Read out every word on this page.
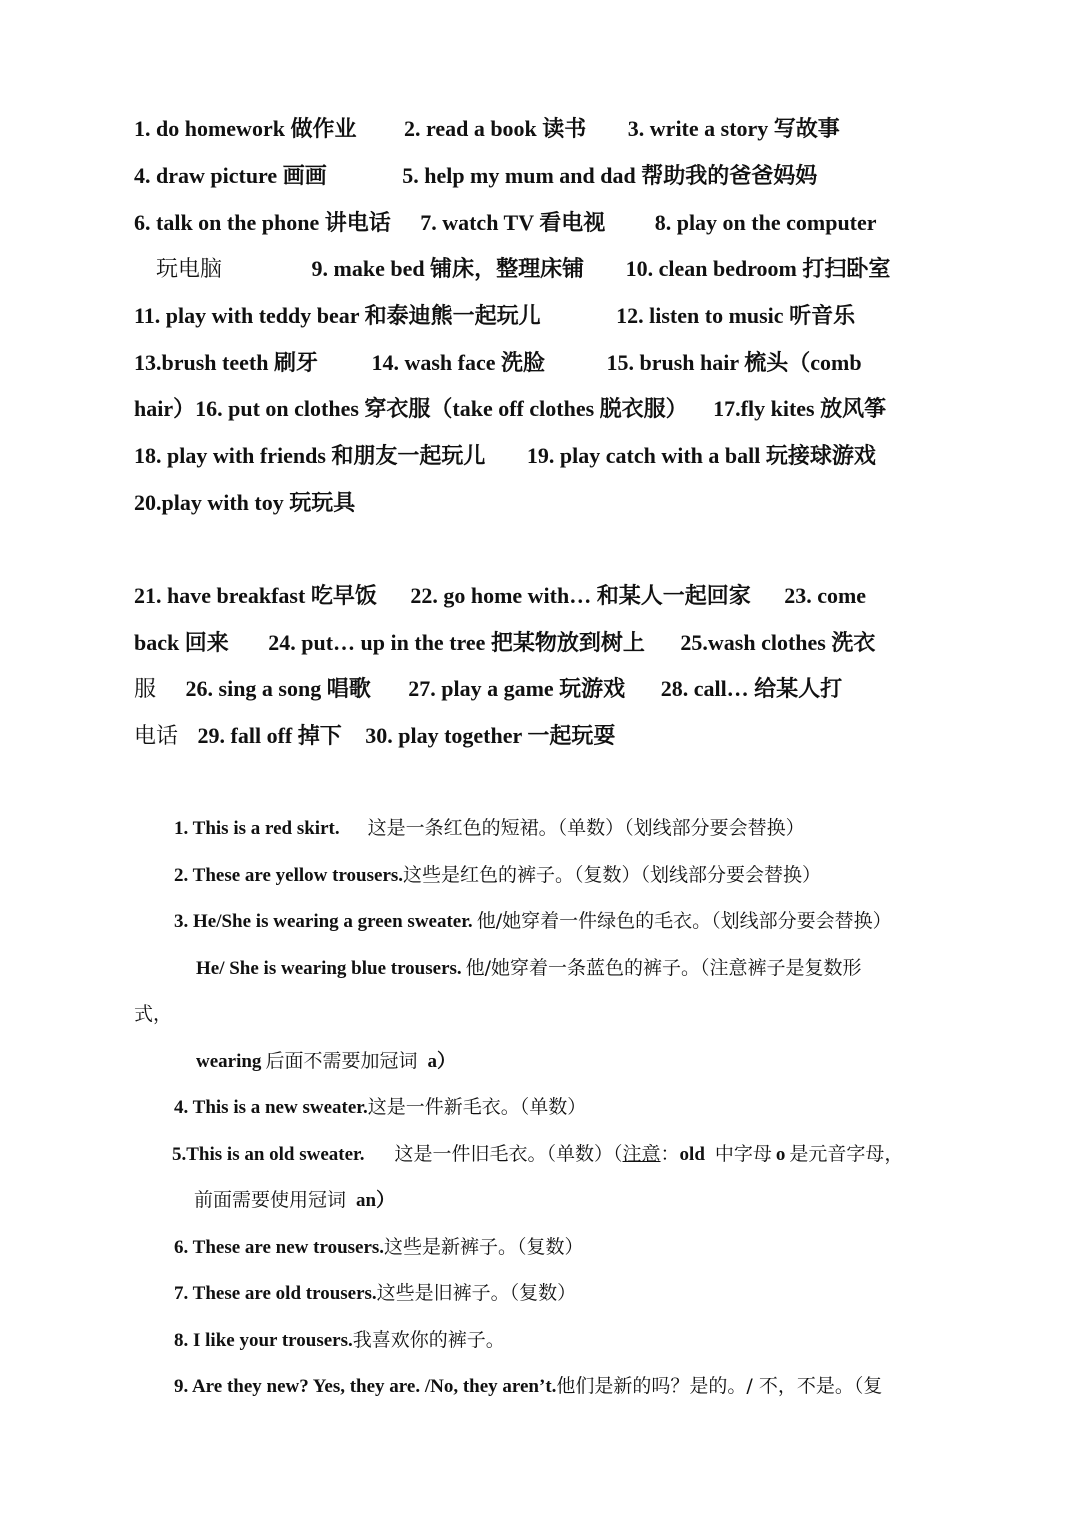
1. do homework 做作业 2. read a book 读书 3. write a story 写故事
4. draw picture 画画	5. help my mum and dad 帮助我的爸爸妈妈
6. talk on the phone 讲电话 7. watch TV 看电视 8. play on the computer
玩电脑	9. make bed 铺床，整理床铺 10. clean bedroom 打扫卧室
11. play with teddy bear 和泰迪熊一起玩儿	12. listen to music 听音乐
13.brush teeth 刷牙 14. wash face 洗脸	15. brush hair 梳头（comb
hair）16. put on clothes 穿衣服（take off clothes 脱衣服） 17.fly kites 放风筝
18. play with friends 和朋友一起玩儿 19. play catch with a ball 玩接球游戏
20.play with toy 玩玩具
21. have breakfast 吃早饭 22. go home with… 和某人一起回家 23. come
back 回来 24. put… up in the tree 把某物放到树上 25.wash clothes 洗衣
服 26. sing a song 唱歌 27. play a game 玩游戏 28. call… 给某人打
电话 29. fall off 掉下 30. play together 一起玩耍
1. This is a red skirt. 这是一条红色的短裙。（单数）（划线部分要会替换）
2. These are yellow trousers.这些是红色的裤子。（复数）（划线部分要会替换）
3. He/She is wearing a green sweater. 他/她穿着一件绿色的毛衣。（划线部分要会替换）
He/ She is wearing blue trousers. 他/她穿着一条蓝色的裤子。（注意裤子是复数形
式，
wearing 后面不需要加冠词 a）
4. This is a new sweater.这是一件新毛衣。（单数）
5.This is an old sweater. 这是一件旧毛衣。（单数）（注意：old 中字母 o 是元音字母，
前面需要使用冠词 an）
6. These are new trousers.这些是新裤子。（复数）
7. These are old trousers.这些是旧裤子。（复数）
8. I like your trousers.我喜欢你的裤子。
9. Are they new? Yes, they are. /No, they aren’t.他们是新的吗？是的。/ 不，不是。（复
